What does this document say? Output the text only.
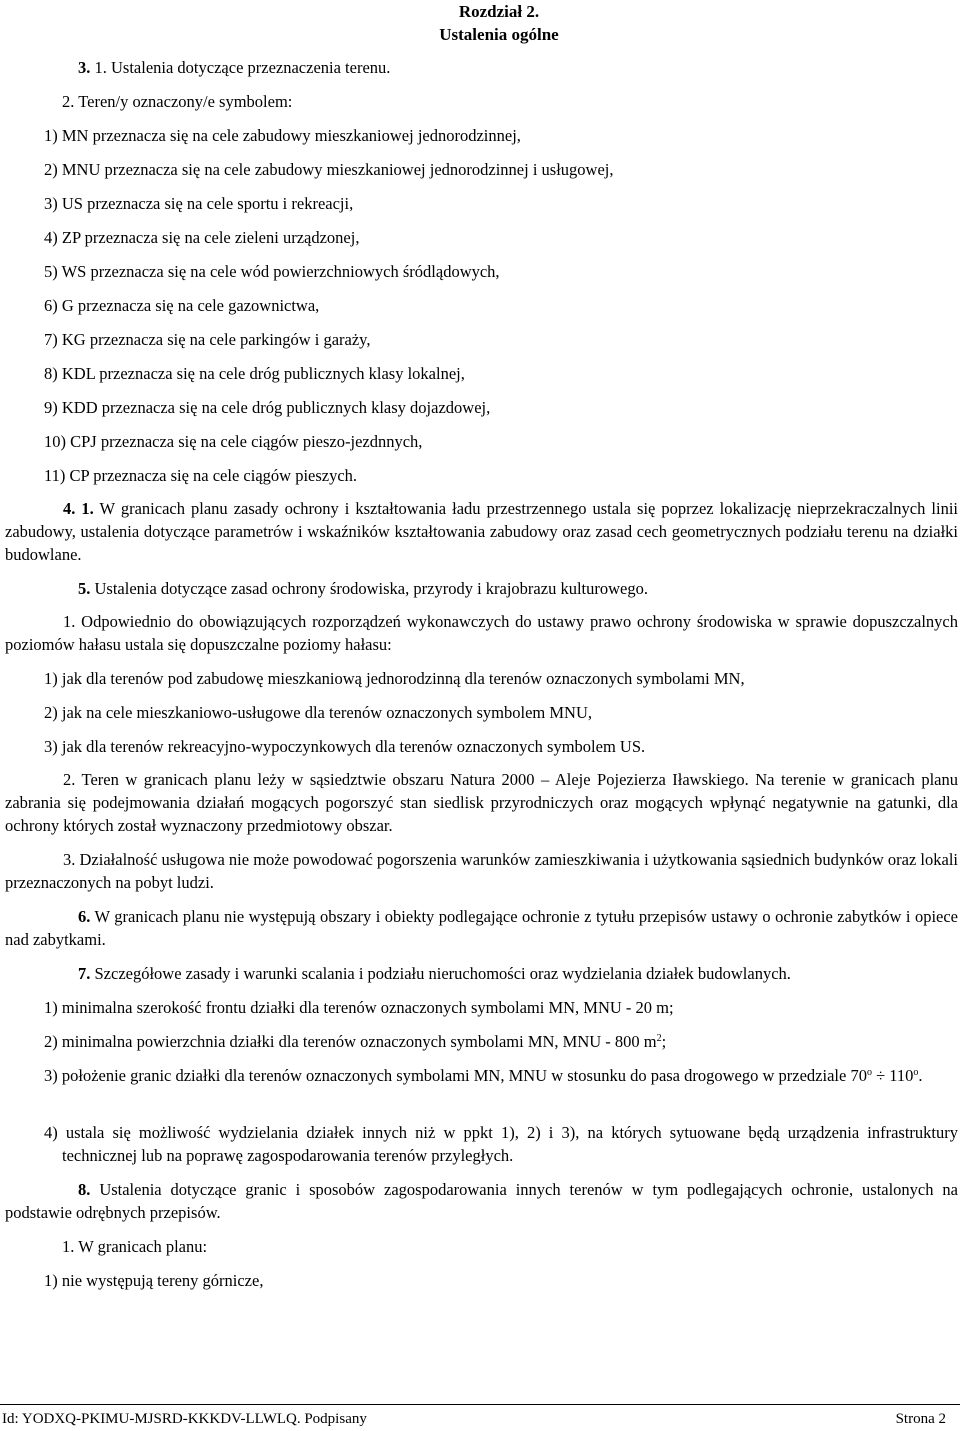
Rozdział 2.
Ustalenia ogólne
3. 1. Ustalenia dotyczące przeznaczenia terenu.
2. Teren/y oznaczony/e symbolem:
1) MN przeznacza się na cele zabudowy mieszkaniowej jednorodzinnej,
2) MNU przeznacza się na cele zabudowy mieszkaniowej jednorodzinnej i usługowej,
3) US przeznacza się na cele sportu i rekreacji,
4) ZP przeznacza się na cele zieleni urządzonej,
5) WS przeznacza się na cele wód powierzchniowych śródlądowych,
6) G przeznacza się na cele gazownictwa,
7) KG przeznacza się na cele parkingów i garaży,
8) KDL przeznacza się na cele dróg publicznych klasy lokalnej,
9) KDD przeznacza się na cele dróg publicznych klasy dojazdowej,
10) CPJ przeznacza się na cele ciągów pieszo-jezdnnych,
11) CP przeznacza się na cele ciągów pieszych.
4. 1. W granicach planu zasady ochrony i kształtowania ładu przestrzennego ustala się poprzez lokalizację nieprzekraczalnych linii zabudowy, ustalenia dotyczące parametrów i wskaźników kształtowania zabudowy oraz zasad cech geometrycznych podziału terenu na działki budowlane.
5. Ustalenia dotyczące zasad ochrony środowiska, przyrody i krajobrazu kulturowego.
1. Odpowiednio do obowiązujących rozporządzeń wykonawczych do ustawy prawo ochrony środowiska w sprawie dopuszczalnych poziomów hałasu ustala się dopuszczalne poziomy hałasu:
1) jak dla terenów pod zabudowę mieszkaniową jednorodzinną dla terenów oznaczonych symbolami MN,
2) jak na cele mieszkaniowo-usługowe dla terenów oznaczonych symbolem MNU,
3) jak dla terenów rekreacyjno-wypoczynkowych dla terenów oznaczonych symbolem US.
2. Teren w granicach planu leży w sąsiedztwie obszaru Natura 2000 – Aleje Pojezierza Iławskiego. Na terenie w granicach planu zabrania się podejmowania działań mogących pogorszyć stan siedlisk przyrodniczych oraz mogących wpłynąć negatywnie na gatunki, dla ochrony których został wyznaczony przedmiotowy obszar.
3. Działalność usługowa nie może powodować pogorszenia warunków zamieszkiwania i użytkowania sąsiednich budynków oraz lokali przeznaczonych na pobyt ludzi.
6. W granicach planu nie występują obszary i obiekty podlegające ochronie z tytułu przepisów ustawy o ochronie zabytków i opiece nad zabytkami.
7. Szczegółowe zasady i warunki scalania i podziału nieruchomości oraz wydzielania działek budowlanych.
1) minimalna szerokość frontu działki dla terenów oznaczonych symbolami MN, MNU - 20 m;
2) minimalna powierzchnia działki dla terenów oznaczonych symbolami MN, MNU - 800 $m^2$;
3) położenie granic działki dla terenów oznaczonych symbolami MN, MNU w stosunku do pasa drogowego w przedziale $70^o \div 110^o$.
4) ustala się możliwość wydzielania działek innych niż w ppkt 1), 2) i 3), na których sytuowane będą urządzenia infrastruktury technicznej lub na poprawę zagospodarowania terenów przyległych.
8. Ustalenia dotyczące granic i sposobów zagospodarowania innych terenów w tym podlegających ochronie, ustalonych na podstawie odrębnych przepisów.
1. W granicach planu:
1) nie występują tereny górnicze,
Id: YODXQ-PKIMU-MJSRD-KKKDV-LLWLQ. Podpisany	Strona 2
